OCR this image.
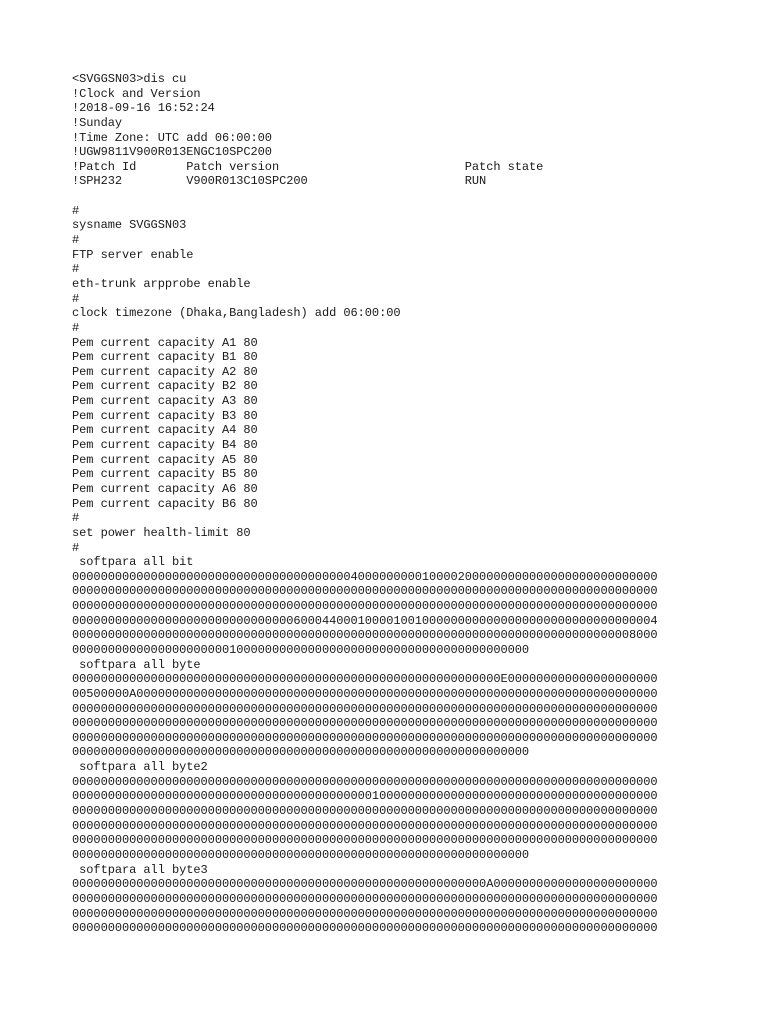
<SVGGSN03>dis cu
!Clock and Version
!2018-09-16 16:52:24
!Sunday
!Time Zone: UTC add 06:00:00
!UGW9811V900R013ENGC10SPC200
!Patch Id       Patch version                          Patch state
!SPH232         V900R013C10SPC200                      RUN
#
sysname SVGGSN03
#
FTP server enable
#
eth-trunk arpprobe enable
#
clock timezone (Dhaka,Bangladesh) add 06:00:00
#
Pem current capacity A1 80
Pem current capacity B1 80
Pem current capacity A2 80
Pem current capacity B2 80
Pem current capacity A3 80
Pem current capacity B3 80
Pem current capacity A4 80
Pem current capacity B4 80
Pem current capacity A5 80
Pem current capacity B5 80
Pem current capacity A6 80
Pem current capacity B6 80
#
set power health-limit 80
#
softpara all bit
0000000000000000000000000000000000000004000000000100002000000000000000000000000000
0000000000000000000000000000000000000000000000000000000000000000000000000000000000
0000000000000000000000000000000000000000000000000000000000000000000000000000000000
0000000000000000000000000000000600044000100001001000000000000000000000000000000004
0000000000000000000000000000000000000000000000000000000000000000000000000000008000
0000000000000000000000100000000000000000000000000000000000000000
softpara all byte
000000000000000000000000000000000000000000000000000000000000E000000000000000000000
00500000A0000000000000000000000000000000000000000000000000000000000000000000000000
0000000000000000000000000000000000000000000000000000000000000000000000000000000000
0000000000000000000000000000000000000000000000000000000000000000000000000000000000
0000000000000000000000000000000000000000000000000000000000000000000000000000000000
0000000000000000000000000000000000000000000000000000000000000000
softpara all byte2
0000000000000000000000000000000000000000000000000000000000000000000000000000000000
0000000000000000000000000000000000000000001000000000000000000000000000000000000000
0000000000000000000000000000000000000000000000000000000000000000000000000000000000
0000000000000000000000000000000000000000000000000000000000000000000000000000000000
0000000000000000000000000000000000000000000000000000000000000000000000000000000000
0000000000000000000000000000000000000000000000000000000000000000
softpara all byte3
0000000000000000000000000000000000000000000000000000000000A00000000000000000000000
0000000000000000000000000000000000000000000000000000000000000000000000000000000000
0000000000000000000000000000000000000000000000000000000000000000000000000000000000
0000000000000000000000000000000000000000000000000000000000000000000000000000000000
